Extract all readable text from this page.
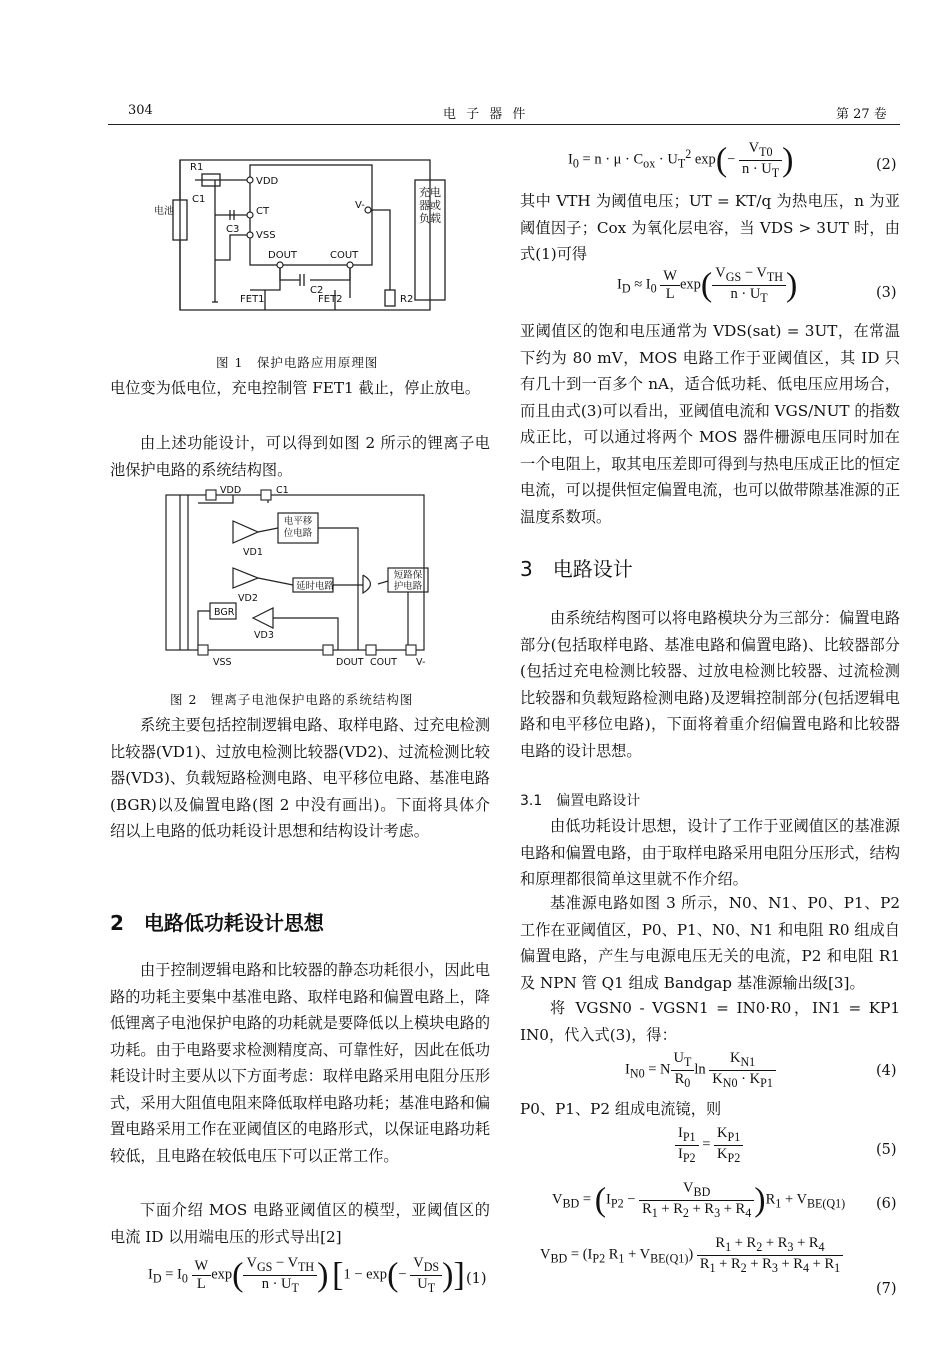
304	电 子 器 件	第 27 卷
R1
C1
C3
VDD
CT
VSS
DOUT	COUT
C2
R2
V-
电池
FET1	FET2
充电器或负载
图 1　保护电路应用原理图
电位变为低电位，充电控制管 FET1 截止，停止放电。
由上述功能设计，可以得到如图 2 所示的锂离子电池保护电路的系统结构图。
VDD	C1
VD1
延时电路
BGR
VD2
VD3
VSS	DOUT COUT V-
电平移位电路
短路保护电路
图 2　锂离子电池保护电路的系统结构图
系统主要包括控制逻辑电路、取样电路、过充电检测比较器(VD1)、过放电检测比较器(VD2)、过流检测比较器(VD3)、负载短路检测电路、电平移位电路、基准电路(BGR)以及偏置电路(图 2 中没有画出)。下面将具体介绍以上电路的低功耗设计思想和结构设计考虑。
2　电路低功耗设计思想
由于控制逻辑电路和比较器的静态功耗很小，因此电路的功耗主要集中基准电路、取样电路和偏置电路上，降低锂离子电池保护电路的功耗就是要降低以上模块电路的功耗。由于电路要求检测精度高、可靠性好，因此在低功耗设计时主要从以下方面考虑：取样电路采用电阻分压形式，采用大阻值电阻来降低取样电路功耗；基准电路和偏置电路采用工作在亚阈值区的电路形式，以保证电路功耗较低，且电路在较低电压下可以正常工作。
下面介绍 MOS 电路亚阈值区的模型，亚阈值区的电流 ID 以用端电压的形式导出[2]
$I_D = I_0 \frac{W}{L} \exp( \frac{V_{GS} - V_{TH}}{n \cdot U_T}$ ) [$1 - \exp(- \frac{V_{DS}}{U_T}$ )] (1)
$I_0 = n \cdot \mu \cdot C_{ox} \cdot U_T^2$ $\exp(- \frac{V_{T0}}{n \cdot U_T}$ )	(2)
其中 VTH 为阈值电压；UT = KT/q 为热电压，n 为亚阈值因子；Cox 为氧化层电容，当 VDS > 3UT 时，由式(1)可得
$I_D \approx I_0 \frac{W}{L} \exp( \frac{V_{GS} - V_{TH}}{n \cdot U_T}$ )	(3)
亚阈值区的饱和电压通常为 VDS(sat) = 3UT，在常温下约为 80 mV，MOS 电路工作于亚阈值区，其 ID 只有几十到一百多个 nA，适合低功耗、低电压应用场合，而且由式(3)可以看出，亚阈值电流和 VGS/NUT 的指数成正比，可以通过将两个 MOS 器件栅源电压同时加在一个电阻上，取其电压差即可得到与热电压成正比的恒定电流，可以提供恒定偏置电流，也可以做带隙基准源的正温度系数项。
3　电路设计
由系统结构图可以将电路模块分为三部分：偏置电路部分(包括取样电路、基准电路和偏置电路)、比较器部分(包括过充电检测比较器、过放电检测比较器、过流检测比较器和负载短路检测电路)及逻辑控制部分(包括逻辑电路和电平移位电路)，下面将着重介绍偏置电路和比较器电路的设计思想。
3.1　偏置电路设计
由低功耗设计思想，设计了工作于亚阈值区的基准源电路和偏置电路，由于取样电路采用电阻分压形式，结构和原理都很简单这里就不作介绍。
基准源电路如图 3 所示，N0、N1、P0、P1、P2 工作在亚阈值区，P0、P1、N0、N1 和电阻 R0 组成自偏置电路，产生与电源电压无关的电流，P2 和电阻 R1 及 NPN 管 Q1 组成 Bandgap 基准源输出级[3]。
将 VGSN0 - VGSN1 = IN0·R0，IN1 = KP1 IN0，代入式(3)，得：
$I_{N0} = N \frac{U_T}{R_0}$ $\ln \frac{K_{N1}}{K_{N0} \cdot K_{P1}}$	(4)
P0、P1、P2 组成电流镜，则
$\frac{I_{P1}}{I_{P2}} = \frac{K_{P1}}{K_{P2}}$	(5)
$V_{BD} = (I_{P2} - \frac{V_{BD}}{R_1 + R_2 + R_3 + R_4} )R_1 + V_{BE(Q1)}$ (6)
$V_{BD} = (I_{P2}$ $R_1 + V_{BE(Q1)}) \frac{R_1 + R_2 + R_3 + R_4}{R_1 + R_2 + R_3 + R_4 + R_1}$
(7)
